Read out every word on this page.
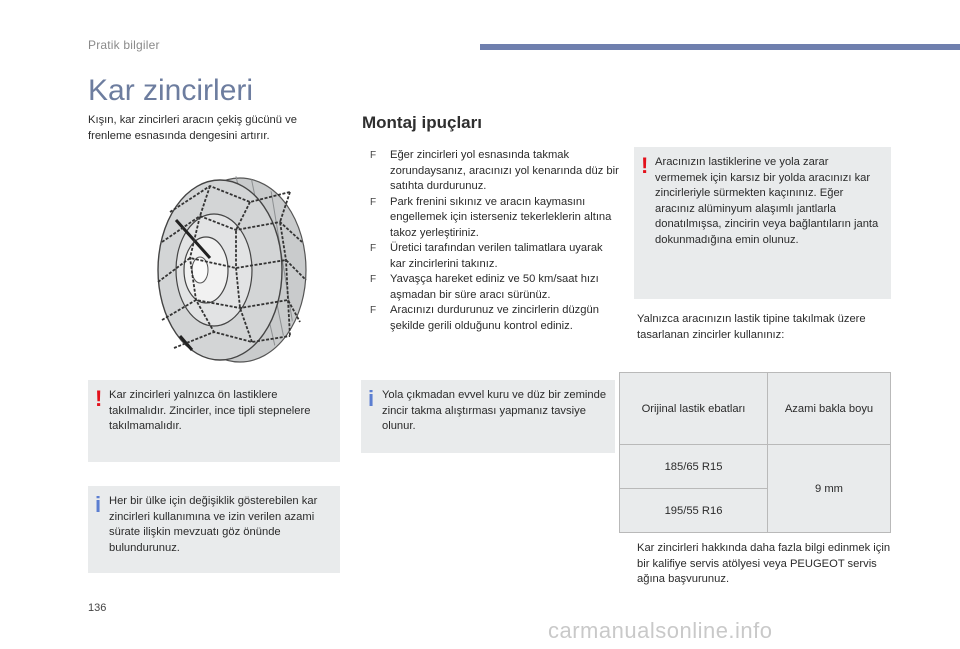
Pratik bilgiler
Kar zincirleri
Kışın, kar zincirleri aracın çekiş gücünü ve frenleme esnasında dengesini artırır.
! Kar zincirleri yalnızca ön lastiklere takılmalıdır. Zincirler, ince tipli stepnelere takılmamalıdır.
i Her bir ülke için değişiklik gösterebilen kar zincirleri kullanımına ve izin verilen azami sürate ilişkin mevzuatı göz önünde bulundurunuz.
Montaj ipuçları
F Eğer zincirleri yol esnasında takmak zorundaysanız, aracınızı yol kenarında düz bir satıhta durdurunuz.
F Park frenini sıkınız ve aracın kaymasını engellemek için isterseniz tekerleklerin altına takoz yerleştiriniz.
F Üretici tarafından verilen talimatlara uyarak kar zincirlerini takınız.
F Yavaşça hareket ediniz ve 50 km/saat hızı aşmadan bir süre aracı sürünüz.
F Aracınızı durdurunuz ve zincirlerin düzgün şekilde gerili olduğunu kontrol ediniz.
i Yola çıkmadan evvel kuru ve düz bir zeminde zincir takma alıştırması yapmanız tavsiye olunur.
! Aracınızın lastiklerine ve yola zarar vermemek için karsız bir yolda aracınızı kar zincirleriyle sürmekten kaçınınız. Eğer aracınız alüminyum alaşımlı jantlarla donatılmışsa, zincirin veya bağlantıların janta dokunmadığına emin olunuz.
Yalnızca aracınızın lastik tipine takılmak üzere tasarlanan zincirler kullanınız:
Orijinal lastik ebatları	Azami bakla boyu
185/65 R15	9 mm
195/55 R16	
Kar zincirleri hakkında daha fazla bilgi edinmek için bir kalifiye servis atölyesi veya PEUGEOT servis ağına başvurunuz.
136
carmanualsonline.info
